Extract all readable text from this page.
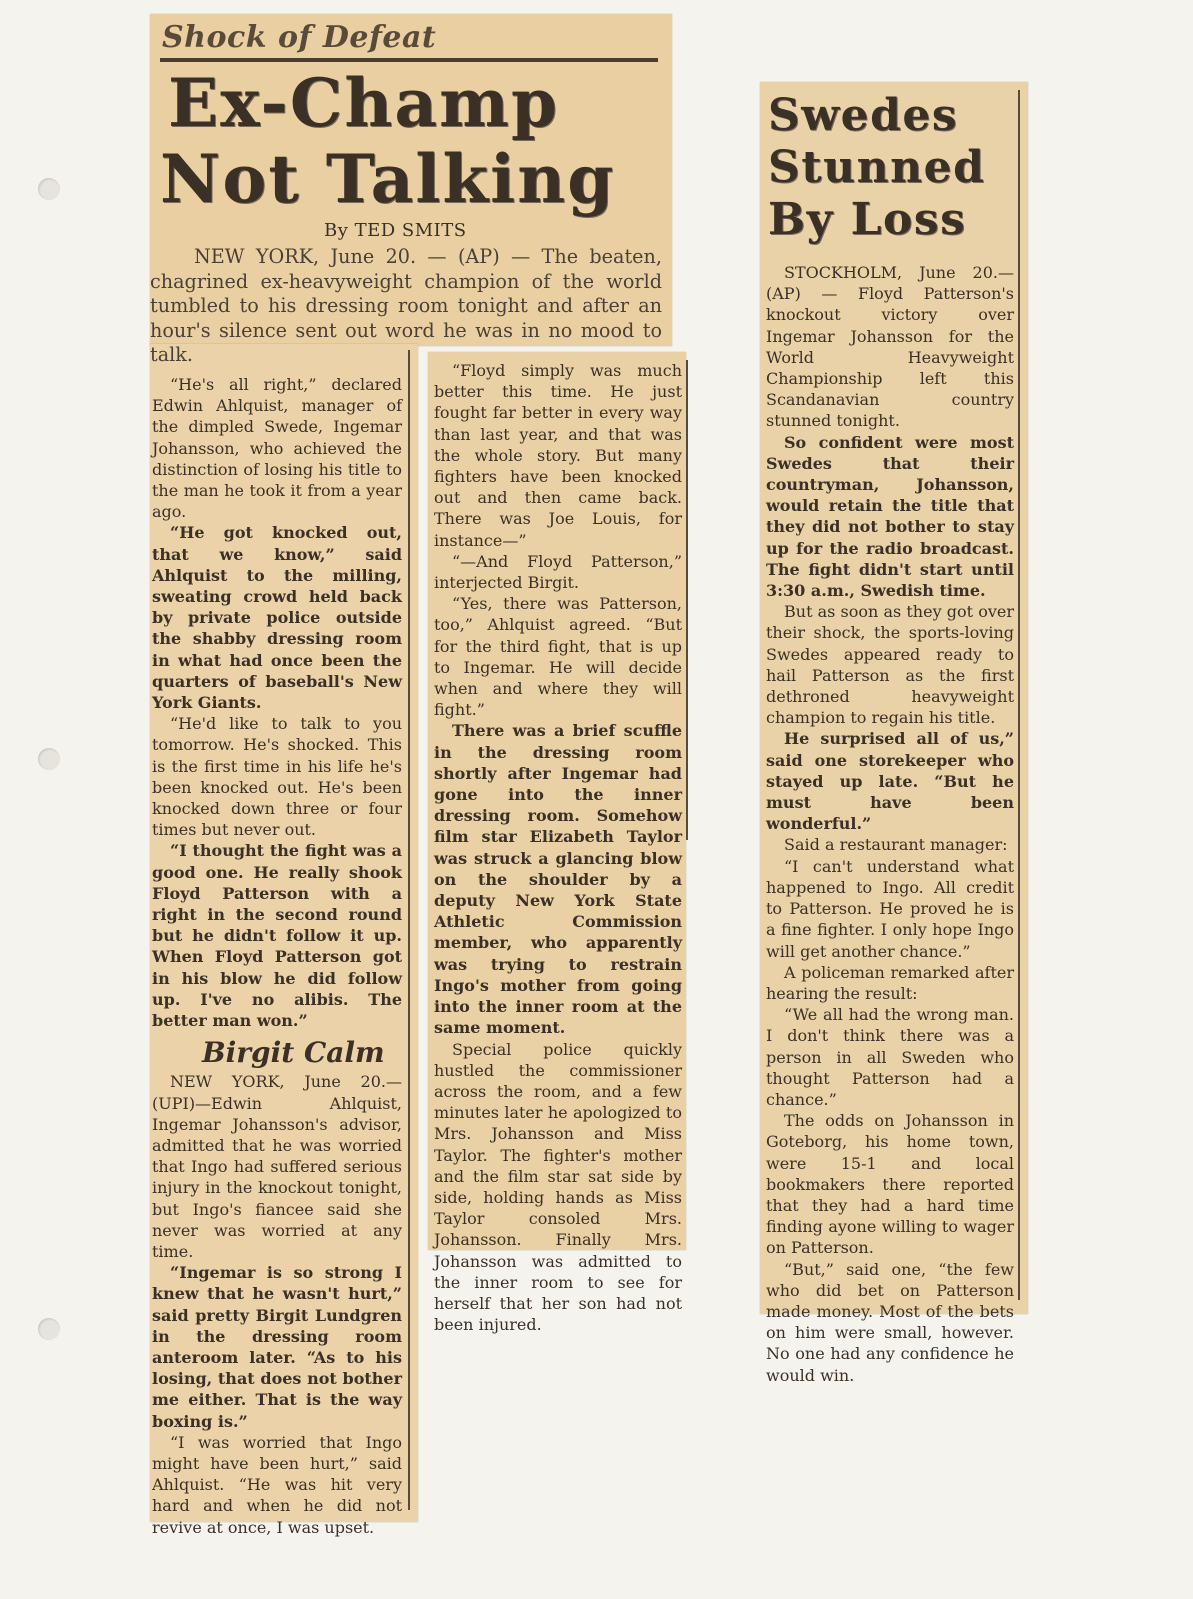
Shock of Defeat
Ex-Champ
Not Talking
By TED SMITS

NEW YORK, June 20. — (AP) — The beaten, chagrined ex-heavyweight champion of the world tumbled to his dressing room tonight and after an hour's silence sent out word he was in no mood to talk.

“He's all right,” declared Edwin Ahlquist, manager of the dimpled Swede, Ingemar Johansson, who achieved the distinction of losing his title to the man he took it from a year ago.

“He got knocked out, that we know,” said Ahlquist to the milling, sweating crowd held back by private police outside the shabby dressing room in what had once been the quarters of baseball's New York Giants.

“He'd like to talk to you tomorrow. He's shocked. This is the first time in his life he's been knocked out. He's been knocked down three or four times but never out.

“I thought the fight was a good one. He really shook Floyd Patterson with a right in the second round but he didn't follow it up. When Floyd Patterson got in his blow he did follow up. I've no alibis. The better man won.”

Birgit Calm

NEW YORK, June 20.— (UPI)—Edwin Ahlquist, Ingemar Johansson's advisor, admitted that he was worried that Ingo had suffered serious injury in the knockout tonight, but Ingo's fiancee said she never was worried at any time.

“Ingemar is so strong I knew that he wasn't hurt,” said pretty Birgit Lundgren in the dressing room anteroom later. “As to his losing, that does not bother me either. That is the way boxing is.”

“I was worried that Ingo might have been hurt,” said Ahlquist. “He was hit very hard and when he did not revive at once, I was upset.

“Floyd simply was much better this time. He just fought far better in every way than last year, and that was the whole story. But many fighters have been knocked out and then came back. There was Joe Louis, for instance—”

“—And Floyd Patterson,” interjected Birgit.

“Yes, there was Patterson, too,” Ahlquist agreed. “But for the third fight, that is up to Ingemar. He will decide when and where they will fight.”

There was a brief scuffle in the dressing room shortly after Ingemar had gone into the inner dressing room. Somehow film star Elizabeth Taylor was struck a glancing blow on the shoulder by a deputy New York State Athletic Commission member, who apparently was trying to restrain Ingo's mother from going into the inner room at the same moment.

Special police quickly hustled the commissioner across the room, and a few minutes later he apologized to Mrs. Johansson and Miss Taylor. The fighter's mother and the film star sat side by side, holding hands as Miss Taylor consoled Mrs. Johansson. Finally Mrs. Johansson was admitted to the inner room to see for herself that her son had not been injured.

Swedes
Stunned
By Loss

STOCKHOLM, June 20.— (AP) — Floyd Patterson's knockout victory over Ingemar Johansson for the World Heavyweight Championship left this Scandanavian country stunned tonight.

So confident were most Swedes that their countryman, Johansson, would retain the title that they did not bother to stay up for the radio broadcast. The fight didn't start until 3:30 a.m., Swedish time.

But as soon as they got over their shock, the sports-loving Swedes appeared ready to hail Patterson as the first dethroned heavyweight champion to regain his title.

He surprised all of us,” said one storekeeper who stayed up late. “But he must have been wonderful.”

Said a restaurant manager:

“I can't understand what happened to Ingo. All credit to Patterson. He proved he is a fine fighter. I only hope Ingo will get another chance.”

A policeman remarked after hearing the result:

“We all had the wrong man. I don't think there was a person in all Sweden who thought Patterson had a chance.”

The odds on Johansson in Goteborg, his home town, were 15-1 and local bookmakers there reported that they had a hard time finding ayone willing to wager on Patterson.

“But,” said one, “the few who did bet on Patterson made money. Most of the bets on him were small, however. No one had any confidence he would win.
